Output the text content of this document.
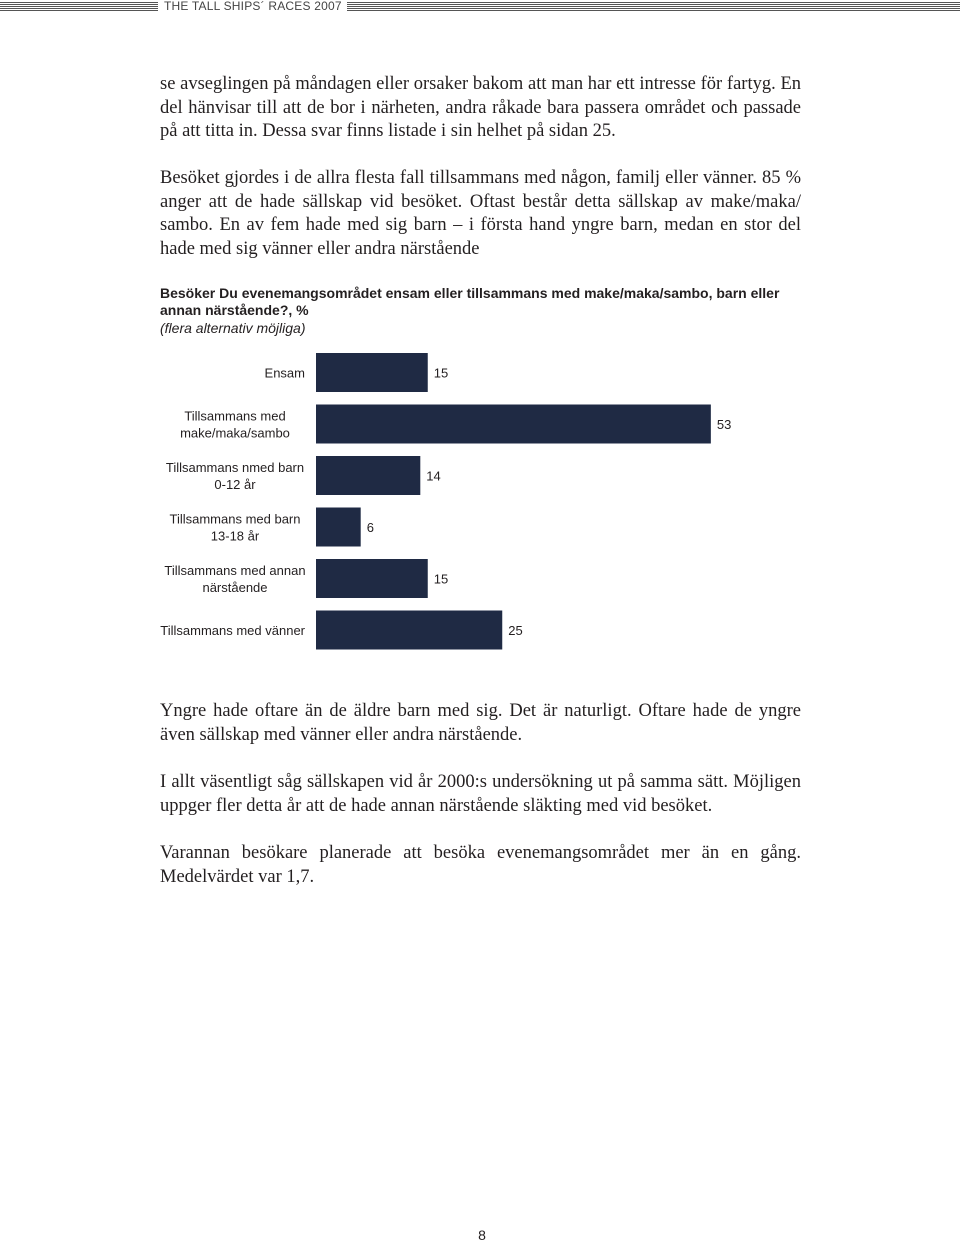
THE TALL SHIPS´ RACES 2007

se avseglingen på måndagen eller orsaker bakom att man har ett intresse för fartyg. En del hänvisar till att de bor i närheten, andra råkade bara passera området och passade på att titta in. Dessa svar finns listade i sin helhet på sidan 25.

Besöket gjordes i de allra flesta fall tillsammans med någon, familj eller vänner. 85 % anger att de hade sällskap vid besöket. Oftast består detta sällskap av make/maka/ sambo. En av fem hade med sig barn – i första hand yngre barn, medan en stor del hade med sig vänner eller andra närstående

Besöker Du evenemangsområdet ensam eller tillsammans med make/maka/sambo, barn eller annan närstående?, %
(flera alternativ möjliga)
15
Ensam
53
Tillsammans med make/maka/sambo
14
Tillsammans nmed barn 0-12 år
6
Tillsammans med barn 13-18 år
15
Tillsammans med annan närstående
25
Tillsammans med vänner

Yngre hade oftare än de äldre barn med sig. Det är naturligt. Oftare hade de yngre även sällskap med vänner eller andra närstående.

I allt väsentligt såg sällskapen vid år 2000:s undersökning ut på samma sätt. Möjligen uppger fler detta år att de hade annan närstående släkting med vid besöket.

Varannan besökare planerade att besöka evenemangsområdet mer än en gång. Medelvärdet var 1,7.

8
